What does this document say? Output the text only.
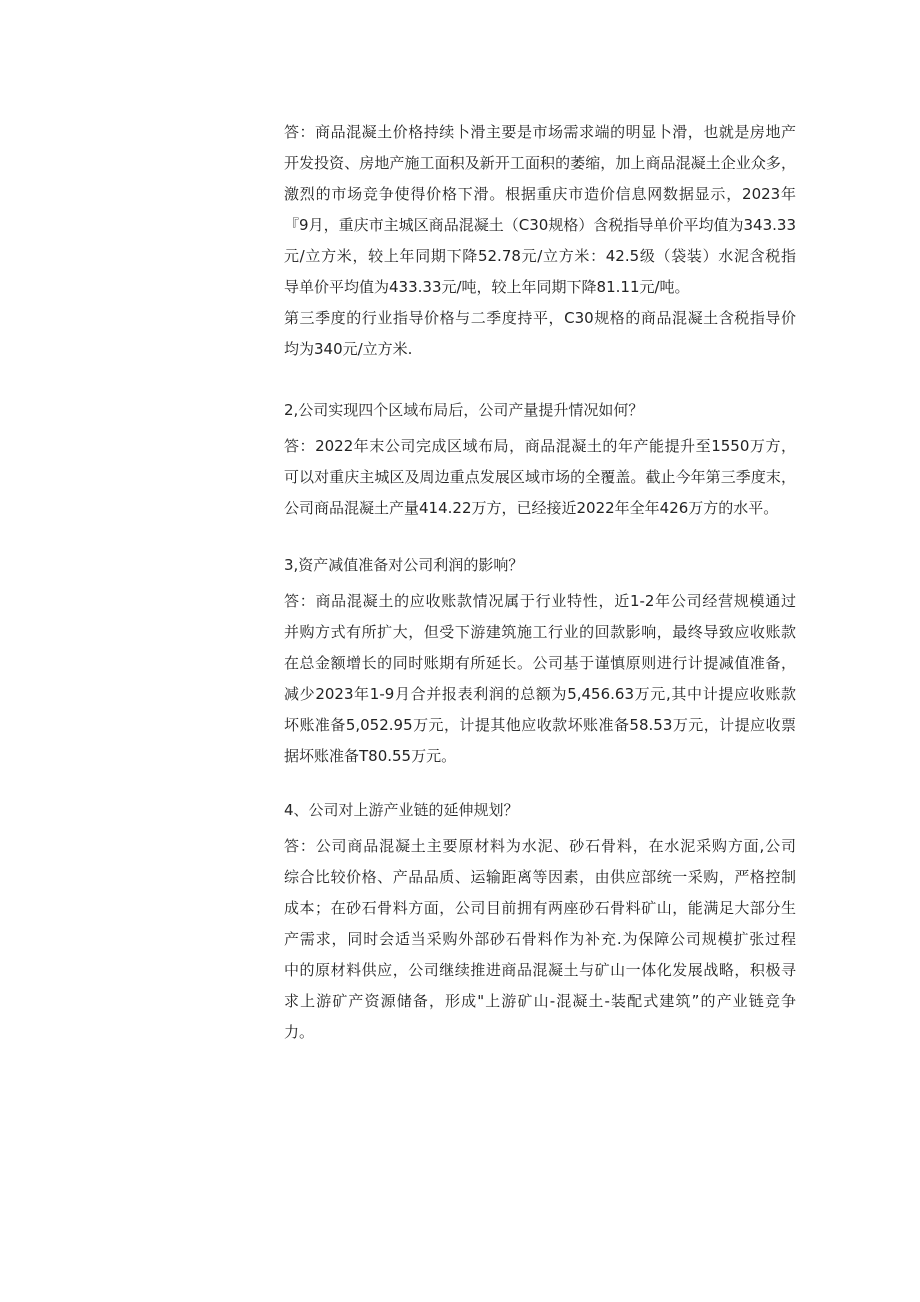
答：商品混凝土价格持续卜滑主要是市场需求端的明显卜滑，也就是房地产
开发投资、房地产施工面积及新开工面积的萎缩，加上商品混凝土企业众多，
激烈的市场竞争使得价格下滑。根据重庆市造价信息网数据显示，2023年
『9月，重庆市主城区商品混凝土（C30规格）含税指导单价平均值为343.33
元/立方米，较上年同期下降52.78元/立方米：42.5级（袋装）水泥含税指
导单价平均值为433.33元/吨，较上年同期下降81.11元/吨。
第三季度的行业指导价格与二季度持平，C30规格的商品混凝土含税指导价
均为340元/立方米.
2,公司实现四个区域布局后，公司产量提升情况如何？
答：2022年末公司完成区域布局，商品混凝土的年产能提升至1550万方，
可以对重庆主城区及周边重点发展区域市场的全覆盖。截止今年第三季度末，
公司商品混凝土产量414.22万方，已经接近2022年全年426万方的水平。
3,资产减值准备对公司利润的影响？
答：商品混凝土的应收账款情况属于行业特性，近1-2年公司经营规模通过
并购方式有所扩大，但受下游建筑施工行业的回款影响，最终导致应收账款
在总金额增长的同时账期有所延长。公司基于谨慎原则进行计提减值准备，
减少2023年1-9月合并报表利润的总额为5,456.63万元,其中计提应收账款
坏账准备5,052.95万元，计提其他应收款坏账准备58.53万元，计提应收票
据坏账准备T80.55万元。
4、公司对上游产业链的延伸规划？
答：公司商品混凝土主要原材料为水泥、砂石骨料，在水泥采购方面,公司
综合比较价格、产品品质、运输距离等因素，由供应部统一采购，严格控制
成本；在砂石骨料方面，公司目前拥有两座砂石骨料矿山，能满足大部分生
产需求，同时会适当采购外部砂石骨料作为补充.为保障公司规模扩张过程
中的原材料供应，公司继续推进商品混凝土与矿山一体化发展战略，积极寻
求上游矿产资源储备，形成"上游矿山-混凝土-装配式建筑”的产业链竞争
力。
